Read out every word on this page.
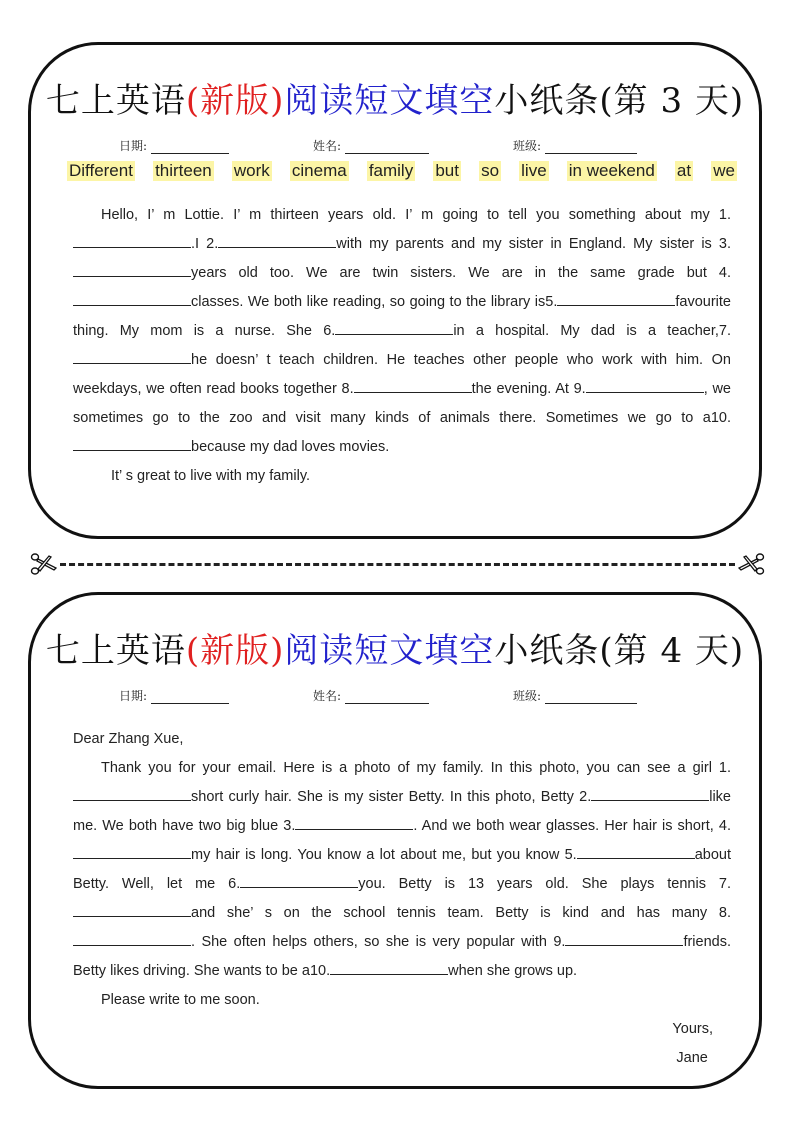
七上英语(新版)阅读短文填空小纸条(第 3 天)
日期:	姓名:	班级:
Different thirteen work cinema family but so live in weekend at we

Hello, I’ m Lottie. I’ m thirteen years old. I’ m going to tell you something about my 1..I 2.	with my parents and my sister in England. My sister is 3.years old too. We are twin sisters. We are in the same grade but 4.classes. We both like reading, so going to the library is5.	favourite thing. My mom is a nurse. She 6.	in a hospital. My dad is a teacher,7.he doesn’ t teach children. He teaches other people who work with him. On weekdays, we often read books together 8.	the evening. At 9.	, we sometimes go to the zoo and visit many kinds of animals there. Sometimes we go to a10.because my dad loves movies.

It’ s great to live with my family.

七上英语(新版)阅读短文填空小纸条(第 4 天)
日期:	姓名:	班级:

Dear Zhang Xue,

Thank you for your email. Here is a photo of my family. In this photo, you can see a girl 1.short curly hair. She is my sister Betty. In this photo, Betty 2.	like me. We both have two big blue 3.	. And we both wear glasses. Her hair is short, 4.my hair is long. You know a lot about me, but you know 5.	about Betty. Well, let me 6.	you. Betty is 13 years old. She plays tennis 7.and she’ s on the school tennis team. Betty is kind and has many 8.. She often helps others, so she is very popular with 9.	friends. Betty likes driving. She wants to be a10.	when she grows up.

Please write to me soon.

Yours,
Jane
